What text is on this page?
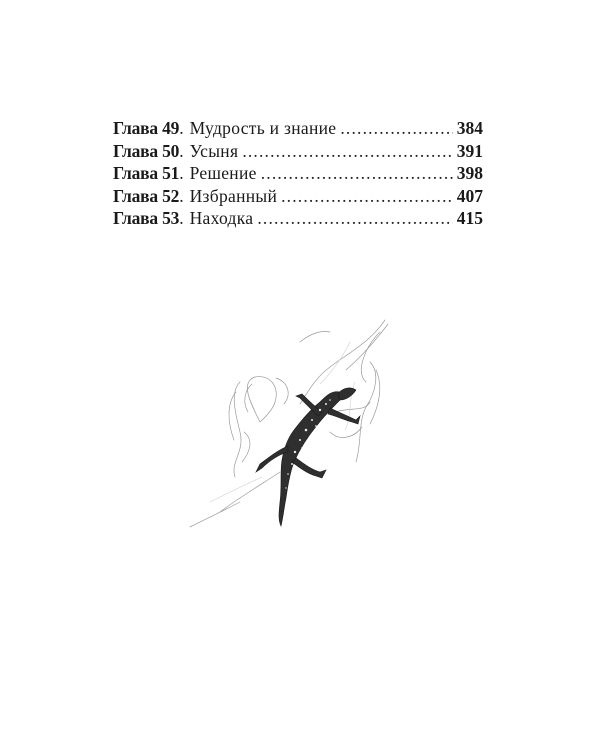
Глава 49 . Мудрость и знание . . .	384
Глава 50 . Усыня . . .	391
Глава 51 . Решение . . .	398
Глава 52 . Избранный . . .	407
Глава 53 . Находка . . .	415
